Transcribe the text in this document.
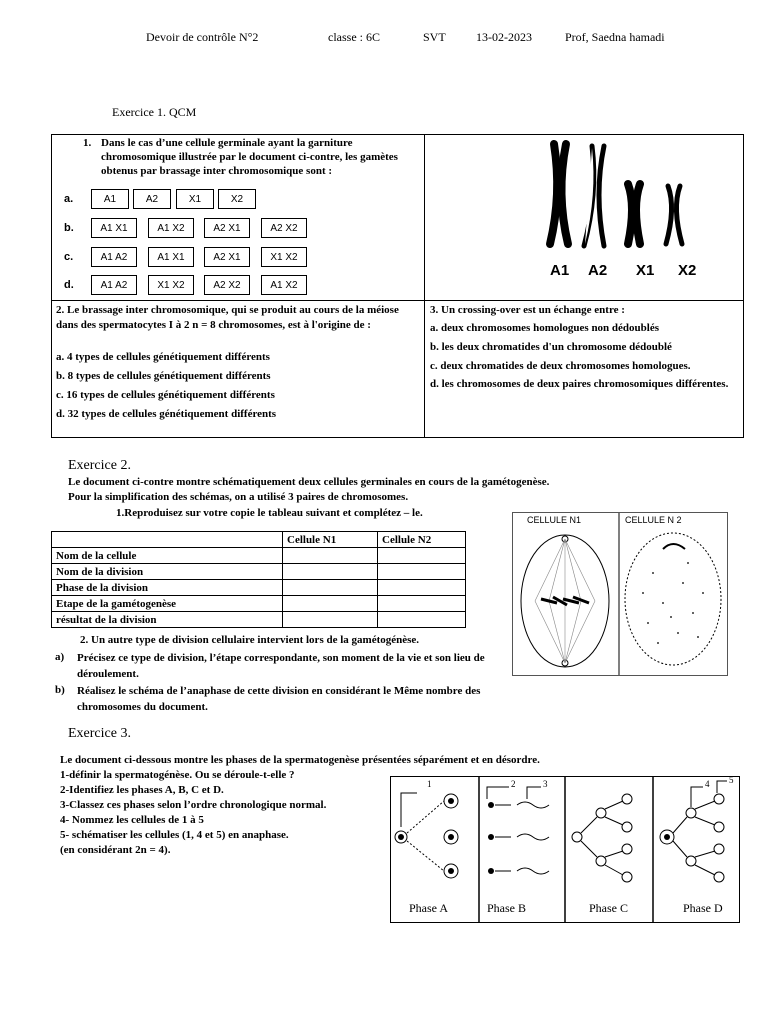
Devoir de contrôle N°2	classe : 6C	SVT	13-02-2023	Prof, Saedna hamadi
Exercice 1. QCM
1. Dans le cas d’une cellule germinale ayant la garniture chromosomique illustrée par le document ci-contre, les gamètes obtenus par brassage inter chromosomique sont :
a.	A1	A2	X1	X2
b.	A1 X1	A1 X2	A2 X1	A2 X2
c.	A1 A2	A1 X1	A2 X1	X1 X2
d.	A1 A2	X1 X2	A2 X2	A1 X2
A1 A2 X1 X2
2. Le brassage inter chromosomique, qui se produit au cours de la méiose dans des spermatocytes I à 2 n = 8 chromosomes, est à l'origine de :
a. 4 types de cellules génétiquement différents
b. 8 types de cellules génétiquement différents
c. 16 types de cellules génétiquement différents
d. 32 types de cellules génétiquement différents
3. Un crossing-over est un échange entre :
a. deux chromosomes homologues non dédoublés
b. les deux chromatides d'un chromosome dédoublé
c. deux chromatides de deux chromosomes homologues.
d. les chromosomes de deux paires chromosomiques différentes.
Exercice 2.
Le document ci-contre montre schématiquement deux cellules germinales en cours de la gamétogenèse.
Pour la simplification des schémas, on a utilisé 3 paires de chromosomes.
1.Reproduisez sur votre copie le tableau suivant et complétez – le.
	Cellule N1	Cellule N2
Nom de la cellule		
Nom de la division		
Phase de la division		
Etape de la gamétogenèse		
résultat de la division		
CELLULE N1	CELLULE N 2
2. Un autre type de division cellulaire intervient lors de la gamétogénèse.
a) Précisez ce type de division, l’étape correspondante, son moment de la vie et son lieu de déroulement.
b) Réalisez le schéma de l’anaphase de cette division en considérant le Même nombre des chromosomes du document.
Exercice 3.
Le document ci-dessous montre les phases de la spermatogenèse présentées séparément et en désordre.
1-définir la spermatogénèse. Ou se déroule-t-elle ?
2-Identifiez les phases A, B, C et D.
3-Classez ces phases selon l’ordre chronologique normal.
4- Nommez les cellules de 1 à 5
5- schématiser les cellules (1, 4 et 5) en anaphase.
(en considérant 2n = 4).
1	2	3	4 5
Phase A	Phase B	Phase C	Phase D
